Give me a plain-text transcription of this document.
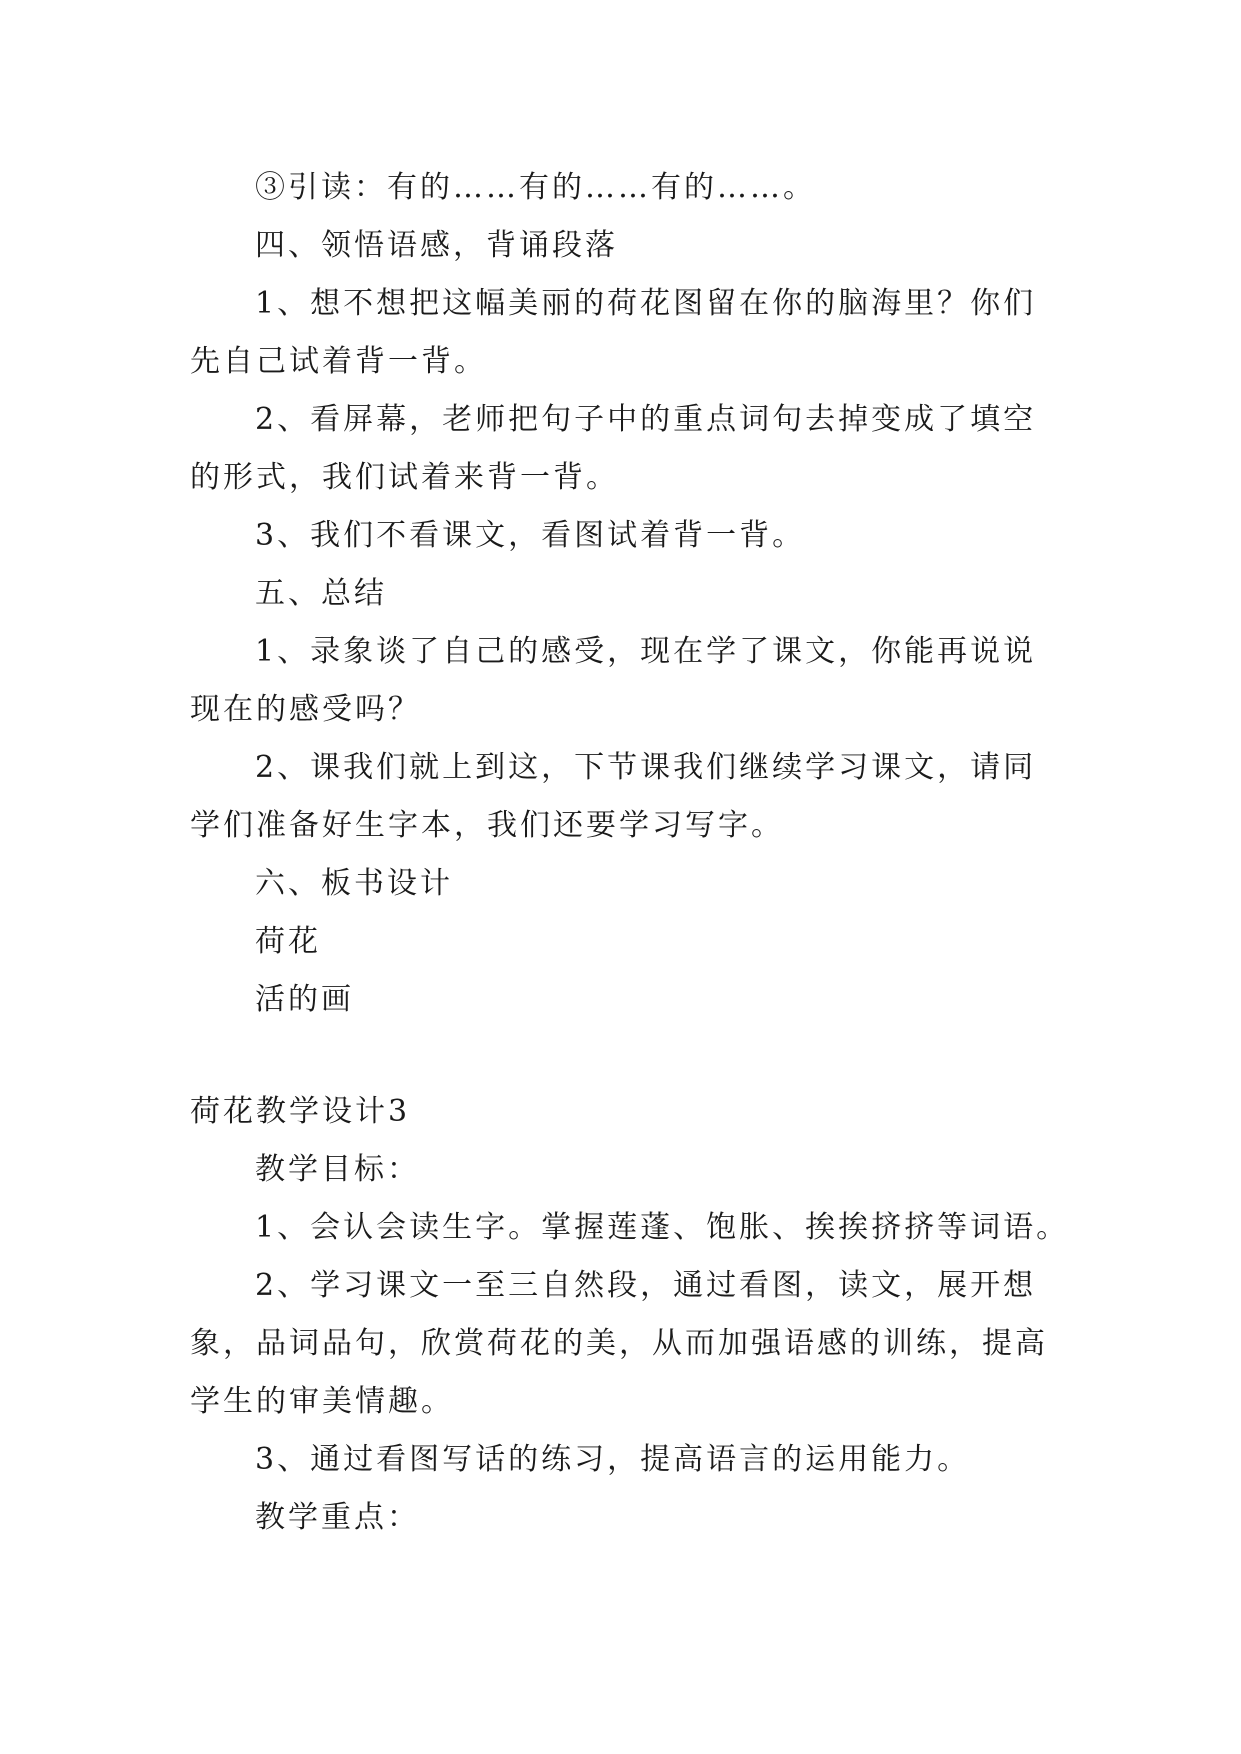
③引读：有的……有的……有的……。
四、领悟语感，背诵段落
1、想不想把这幅美丽的荷花图留在你的脑海里？你们
先自己试着背一背。
2、看屏幕，老师把句子中的重点词句去掉变成了填空
的形式，我们试着来背一背。
3、我们不看课文，看图试着背一背。
五、总结
1、录象谈了自己的感受，现在学了课文，你能再说说
现在的感受吗？
2、课我们就上到这，下节课我们继续学习课文，请同
学们准备好生字本，我们还要学习写字。
六、板书设计
荷花
活的画
荷花教学设计3
教学目标：
1、会认会读生字。掌握莲蓬、饱胀、挨挨挤挤等词语。
2、学习课文一至三自然段，通过看图，读文，展开想
象，品词品句，欣赏荷花的美，从而加强语感的训练，提高
学生的审美情趣。
3、通过看图写话的练习，提高语言的运用能力。
教学重点：
